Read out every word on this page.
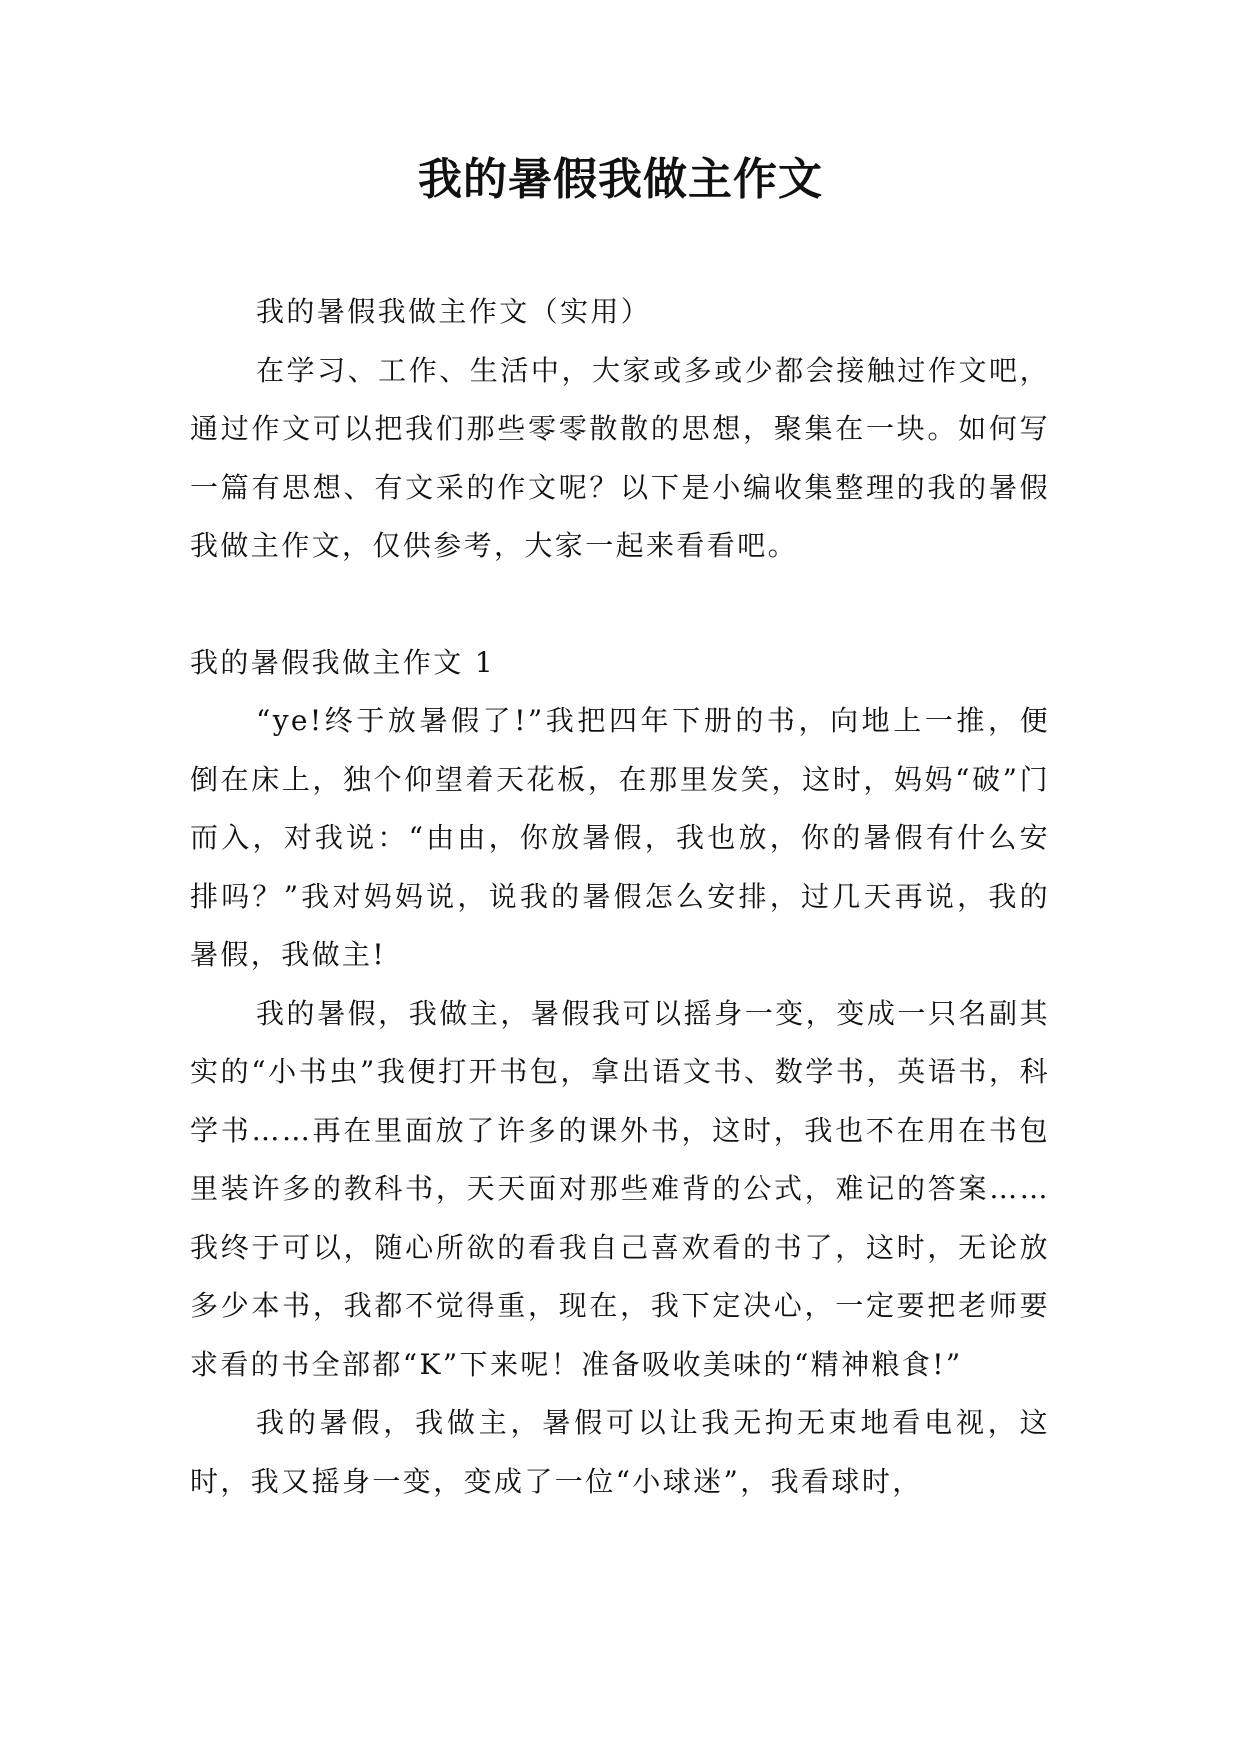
我的暑假我做主作文

我的暑假我做主作文（实用）

在学习、工作、生活中，大家或多或少都会接触过作文吧，通过作文可以把我们那些零零散散的思想，聚集在一块。如何写一篇有思想、有文采的作文呢？以下是小编收集整理的我的暑假我做主作文，仅供参考，大家一起来看看吧。

我的暑假我做主作文 1

“ye!终于放暑假了!”我把四年下册的书，向地上一推，便倒在床上，独个仰望着天花板，在那里发笑，这时，妈妈“破”门而入，对我说：“由由，你放暑假，我也放，你的暑假有什么安排吗？”我对妈妈说，说我的暑假怎么安排，过几天再说，我的暑假，我做主!

我的暑假，我做主，暑假我可以摇身一变，变成一只名副其实的“小书虫”我便打开书包，拿出语文书、数学书，英语书，科学书……再在里面放了许多的课外书，这时，我也不在用在书包里装许多的教科书，天天面对那些难背的公式，难记的答案……我终于可以，随心所欲的看我自己喜欢看的书了，这时，无论放多少本书，我都不觉得重，现在，我下定决心，一定要把老师要求看的书全部都“K”下来呢！准备吸收美味的“精神粮食!”

我的暑假，我做主，暑假可以让我无拘无束地看电视，这时，我又摇身一变，变成了一位“小球迷”，我看球时，
